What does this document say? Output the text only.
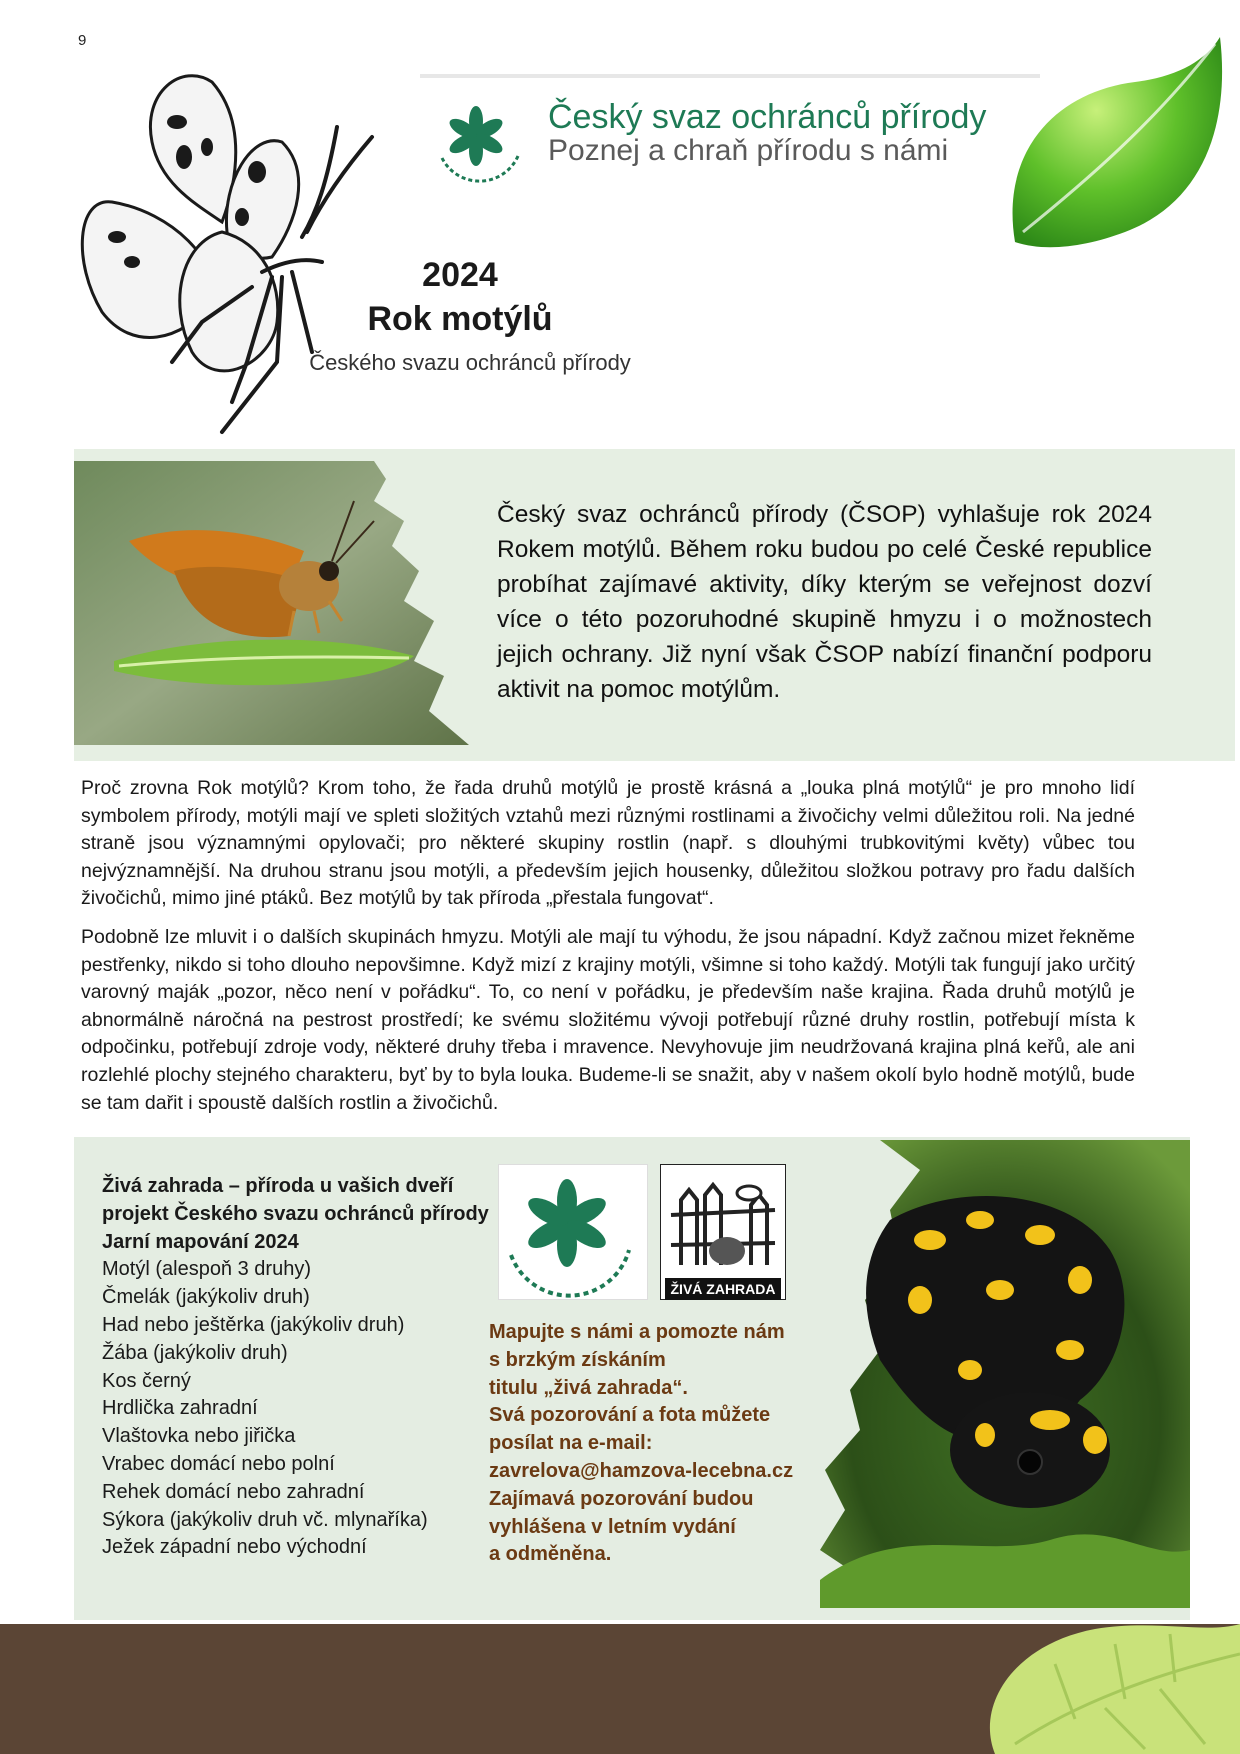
9
Český svaz ochránců přírody
Poznej a chraň přírodu s námi
2024
Rok motýlů
Českého svazu ochránců přírody
Český svaz ochránců přírody (ČSOP) vyhlašuje rok 2024 Rokem motýlů. Během roku budou po celé České republice probíhat zajímavé aktivity, díky kterým se veřejnost dozví více o této pozoruhodné skupině hmyzu i o možnostech jejich ochrany. Již nyní však ČSOP nabízí finanční podporu aktivit na pomoc motýlům.
Proč zrovna Rok motýlů? Krom toho, že řada druhů motýlů je prostě krásná a „louka plná motýlů“ je pro mnoho lidí symbolem přírody, motýli mají ve spleti složitých vztahů mezi různými rostlinami a živočichy velmi důležitou roli. Na jedné straně jsou významnými opylovači; pro některé skupiny rostlin (např. s dlouhými trubkovitými květy) vůbec tou nejvýznamnější. Na druhou stranu jsou motýli, a především jejich housenky, důležitou složkou potravy pro řadu dalších živočichů, mimo jiné ptáků. Bez motýlů by tak příroda „přestala fungovat“.
Podobně lze mluvit i o dalších skupinách hmyzu. Motýli ale mají tu výhodu, že jsou nápadní. Když začnou mizet řekněme pestřenky, nikdo si toho dlouho nepovšimne. Když mizí z krajiny motýli, všimne si toho každý. Motýli tak fungují jako určitý varovný maják „pozor, něco není v pořádku“. To, co není v pořádku, je především naše krajina. Řada druhů motýlů je abnormálně náročná na pestrost prostředí; ke svému složitému vývoji potřebují různé druhy rostlin, potřebují místa k odpočinku, potřebují zdroje vody, některé druhy třeba i mravence. Nevyhovuje jim neudržovaná krajina plná keřů, ale ani rozlehlé plochy stejného charakteru, byť by to byla louka. Budeme-li se snažit, aby v našem okolí bylo hodně motýlů, bude se tam dařit i spoustě dalších rostlin a živočichů.
Živá zahrada – příroda u vašich dveří
projekt Českého svazu ochránců přírody
Jarní mapování 2024
Motýl (alespoň 3 druhy)
Čmelák (jakýkoliv druh)
Had nebo ještěrka (jakýkoliv druh)
Žába (jakýkoliv druh)
Kos černý
Hrdlička zahradní
Vlaštovka nebo jiřička
Vrabec domácí nebo polní
Rehek domácí nebo zahradní
Sýkora (jakýkoliv druh vč. mlynaříka)
Ježek západní nebo východní
ŽIVÁ ZAHRADA
Mapujte s námi a pomozte nám
s brzkým získáním
titulu „živá zahrada“.
Svá pozorování a fota můžete
posílat na e-mail:
zavrelova@hamzova-lecebna.cz
Zajímavá pozorování budou
vyhlášena v letním vydání
a odměněna.
